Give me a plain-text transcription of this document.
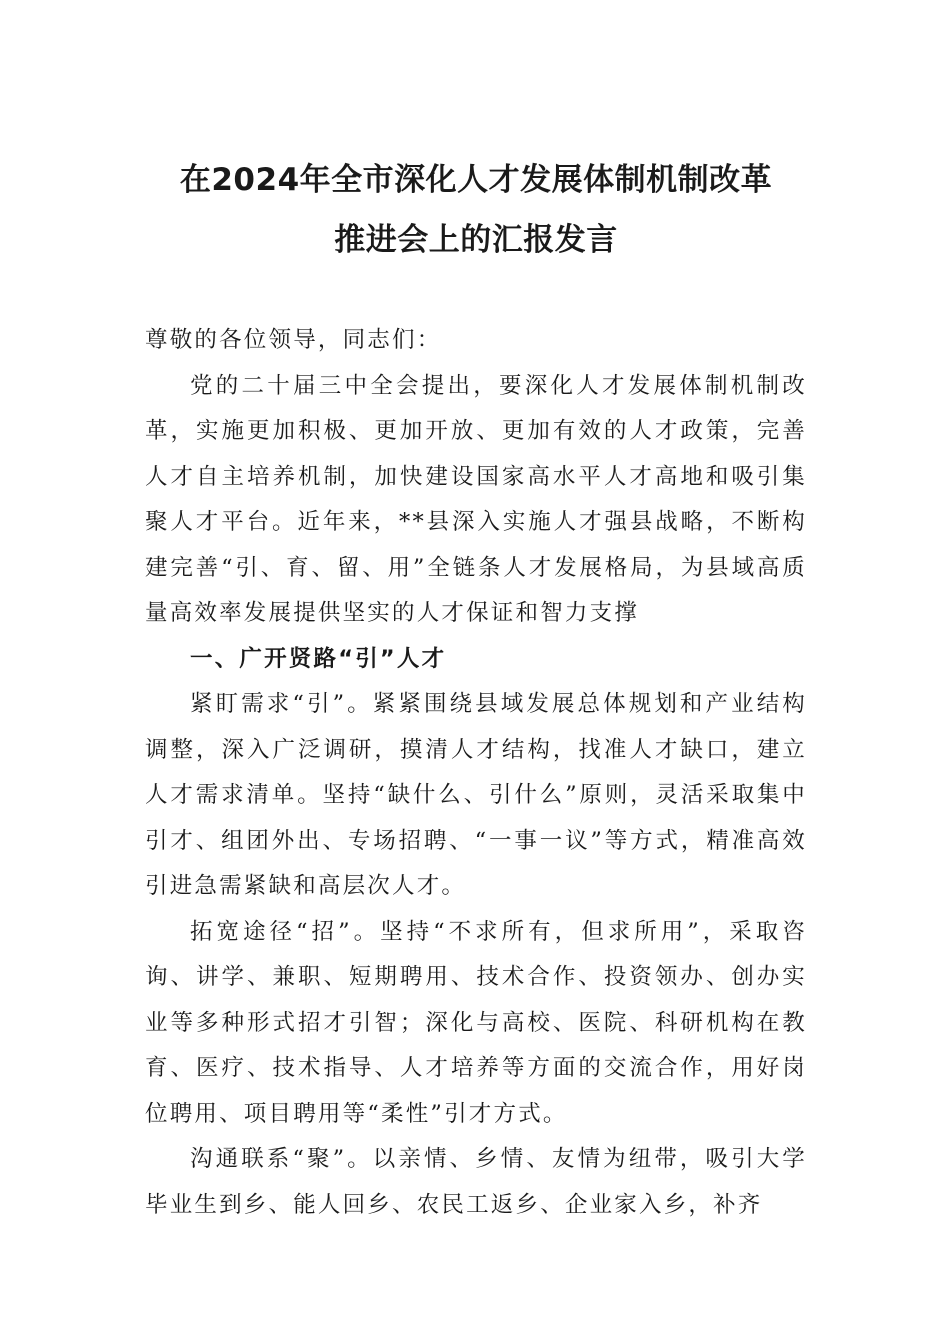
在2024年全市深化人才发展体制机制改革
推进会上的汇报发言

尊敬的各位领导，同志们：

党的二十届三中全会提出，要深化人才发展体制机制改革，实施更加积极、更加开放、更加有效的人才政策，完善人才自主培养机制，加快建设国家高水平人才高地和吸引集聚人才平台。近年来，**县深入实施人才强县战略，不断构建完善“引、育、留、用”全链条人才发展格局，为县域高质量高效率发展提供坚实的人才保证和智力支撑

一、广开贤路“引”人才

紧盯需求“引”。紧紧围绕县域发展总体规划和产业结构调整，深入广泛调研，摸清人才结构，找准人才缺口，建立人才需求清单。坚持“缺什么、引什么”原则，灵活采取集中引才、组团外出、专场招聘、“一事一议”等方式，精准高效引进急需紧缺和高层次人才。

拓宽途径“招”。坚持“不求所有，但求所用”，采取咨询、讲学、兼职、短期聘用、技术合作、投资领办、创办实业等多种形式招才引智；深化与高校、医院、科研机构在教育、医疗、技术指导、人才培养等方面的交流合作，用好岗位聘用、项目聘用等“柔性”引才方式。

沟通联系“聚”。以亲情、乡情、友情为纽带，吸引大学毕业生到乡、能人回乡、农民工返乡、企业家入乡，补齐
